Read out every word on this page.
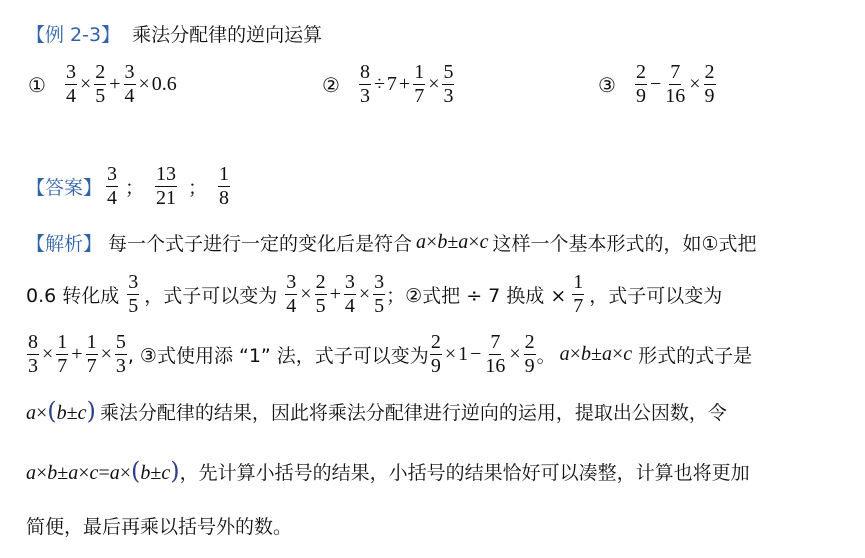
【例 2-3】 乘法分配律的逆向运算
① $\frac{3}{4} \times \frac{2}{5} + \frac{3}{4} \times 0.6$	② $\frac{8}{3} \div 7 + \frac{1}{7} \times \frac{5}{3}$	③ $\frac{2}{9} - \frac{7}{16} \times \frac{2}{9}$
【答案】 $\frac{3}{4}$ ； $\frac{13}{21}$ ； $\frac{1}{8}$
【解析】 每一个式子进行一定的变化后是符合 a×b±a×c 这样一个基本形式的，如①式把
0.6 转化成 $\frac{3}{5}$ ，式子可以变为 $\frac{3}{4} \times \frac{2}{5} + \frac{3}{4} \times \frac{3}{5}$ ；②式把 ÷ 7 换成 × $\frac{1}{7}$ ，式子可以变为
$\frac{8}{3} \times \frac{1}{7} + \frac{1}{7} \times \frac{5}{3}$ , ③式使用添 “1” 法，式子可以变为 $\frac{2}{9} \times 1 - \frac{7}{16} \times \frac{2}{9}$ 。 a×b±a×c 形式的式子是
a×(b±c) 乘法分配律的结果，因此将乘法分配律进行逆向的运用，提取出公因数，令
a×b±a×c=a×(b±c) ，先计算小括号的结果，小括号的结果恰好可以凑整，计算也将更加
简便，最后再乘以括号外的数。
